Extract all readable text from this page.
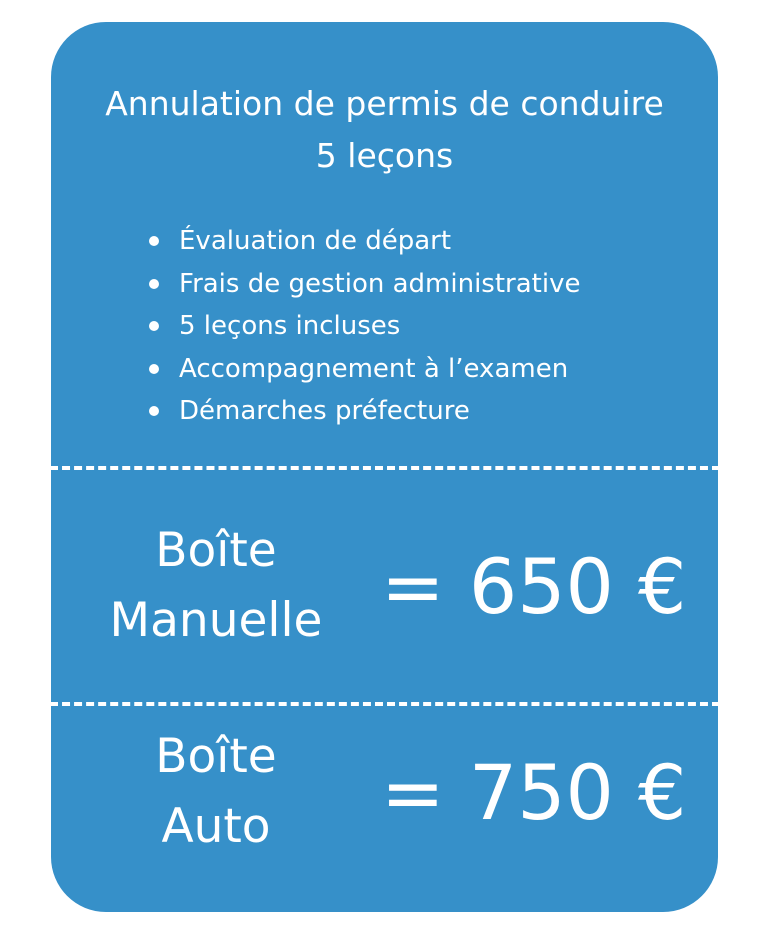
Annulation de permis de conduire
5 leçons
Évaluation de départ
Frais de gestion administrative
5 leçons incluses
Accompagnement à l’examen
Démarches préfecture
Boîte
Manuelle = 650 €
Boîte
Auto	= 750 €
